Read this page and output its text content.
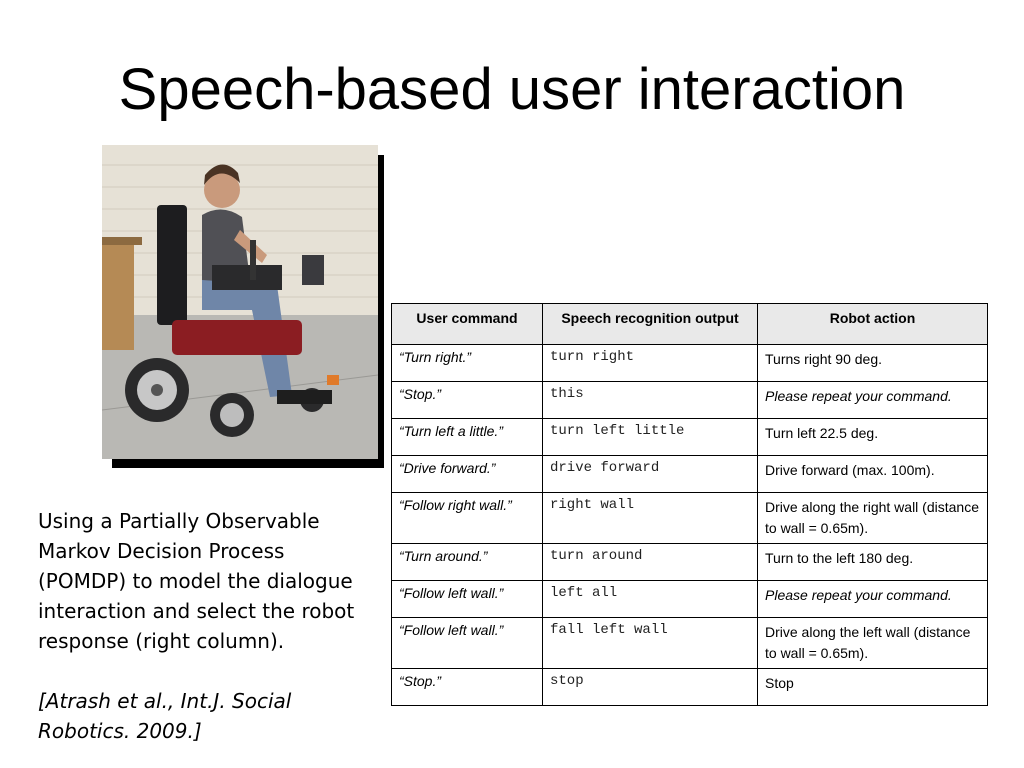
Speech-based user interaction

Using a Partially Observable Markov Decision Process (POMDP) to model the dialogue interaction and select the robot response (right column).

[Atrash et al., Int.J. Social Robotics. 2009.]

User command	Speech recognition output	Robot action
“Turn right.”	turn right	Turns right 90 deg.
“Stop.”	this	Please repeat your command.
“Turn left a little.”	turn left little	Turn left 22.5 deg.
“Drive forward.”	drive forward	Drive forward (max. 100m).
“Follow right wall.”	right wall	Drive along the right wall (distance to wall = 0.65m).
“Turn around.”	turn around	Turn to the left 180 deg.
“Follow left wall.”	left all	Please repeat your command.
“Follow left wall.”	fall left wall	Drive along the left wall (distance to wall = 0.65m).
“Stop.”	stop	Stop
